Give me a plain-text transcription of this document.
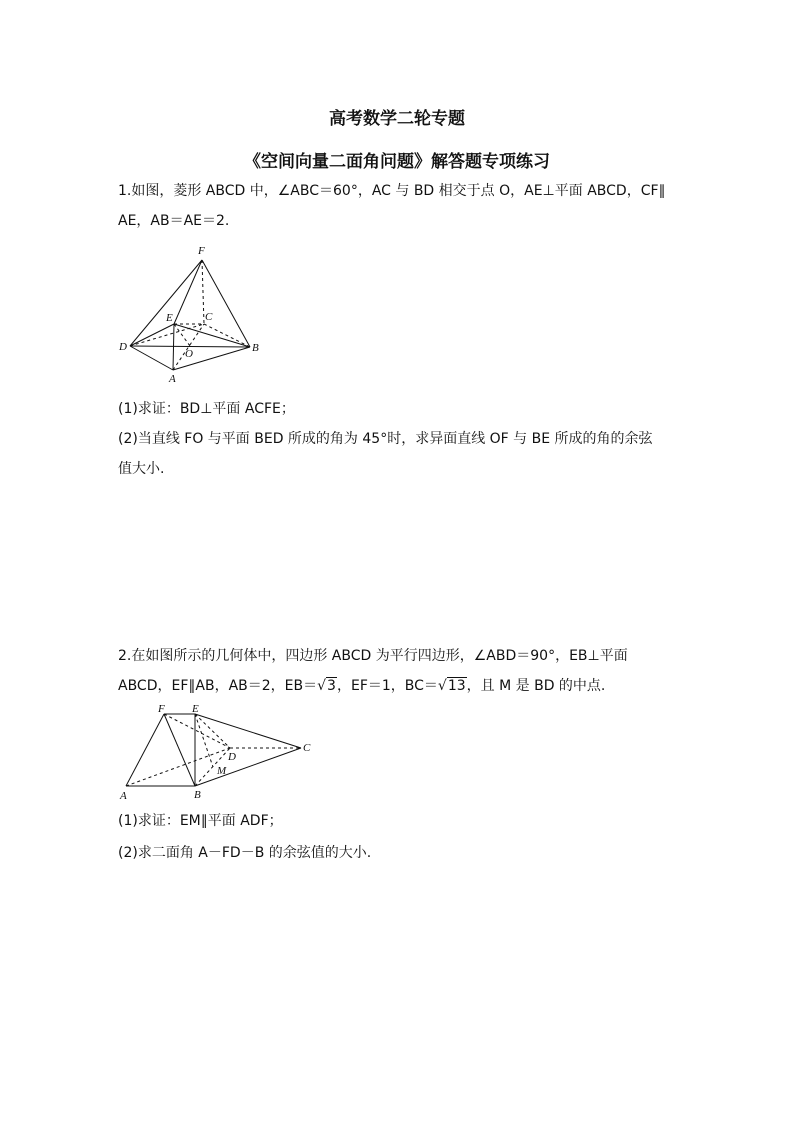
高考数学二轮专题
《空间向量二面角问题》解答题专项练习
1.如图，菱形 ABCD 中，∠ABC＝60°，AC 与 BD 相交于点 O，AE⊥平面 ABCD，CF∥
AE，AB＝AE＝2.
F
E	C
D
O	B
A
(1)求证：BD⊥平面 ACFE；
(2)当直线 FO 与平面 BED 所成的角为 45°时，求异面直线 OF 与 BE 所成的角的余弦
值大小.
2.在如图所示的几何体中，四边形 ABCD 为平行四边形，∠ABD＝90°，EB⊥平面
ABCD，EF∥AB，AB＝2，EB＝√3，EF＝1，BC＝√13，且 M 是 BD 的中点.
F E
C
D
M
A	B
(1)求证：EM∥平面 ADF；
(2)求二面角 A－FD－B 的余弦值的大小.
